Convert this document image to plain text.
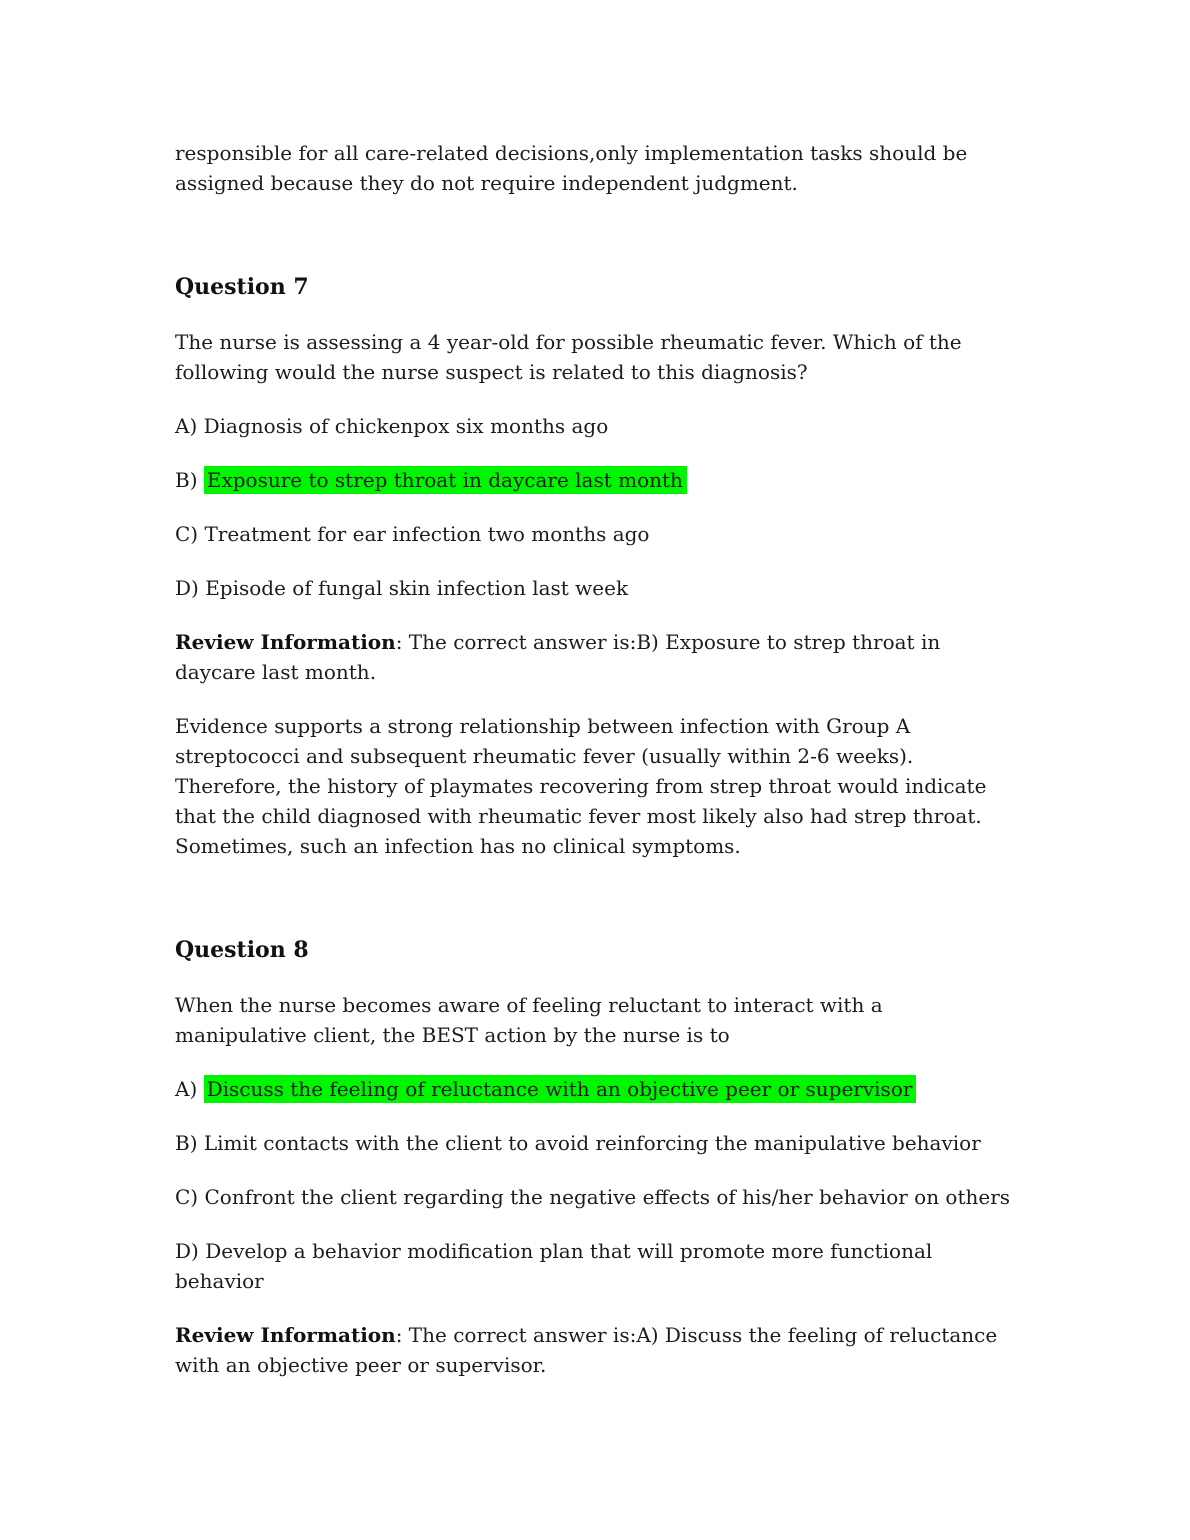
responsible for all care-related decisions,only implementation tasks should be assigned because they do not require independent judgment.

Question 7

The nurse is assessing a 4 year-old for possible rheumatic fever. Which of the following would the nurse suspect is related to this diagnosis?

A) Diagnosis of chickenpox six months ago

B) Exposure to strep throat in daycare last month

C) Treatment for ear infection two months ago

D) Episode of fungal skin infection last week

Review Information: The correct answer is:B) Exposure to strep throat in daycare last month.

Evidence supports a strong relationship between infection with Group A streptococci and subsequent rheumatic fever (usually within 2-6 weeks). Therefore, the history of playmates recovering from strep throat would indicate that the child diagnosed with rheumatic fever most likely also had strep throat. Sometimes, such an infection has no clinical symptoms.

Question 8

When the nurse becomes aware of feeling reluctant to interact with a manipulative client, the BEST action by the nurse is to

A) Discuss the feeling of reluctance with an objective peer or supervisor

B) Limit contacts with the client to avoid reinforcing the manipulative behavior

C) Confront the client regarding the negative effects of his/her behavior on others

D) Develop a behavior modification plan that will promote more functional behavior

Review Information: The correct answer is:A) Discuss the feeling of reluctance with an objective peer or supervisor.
